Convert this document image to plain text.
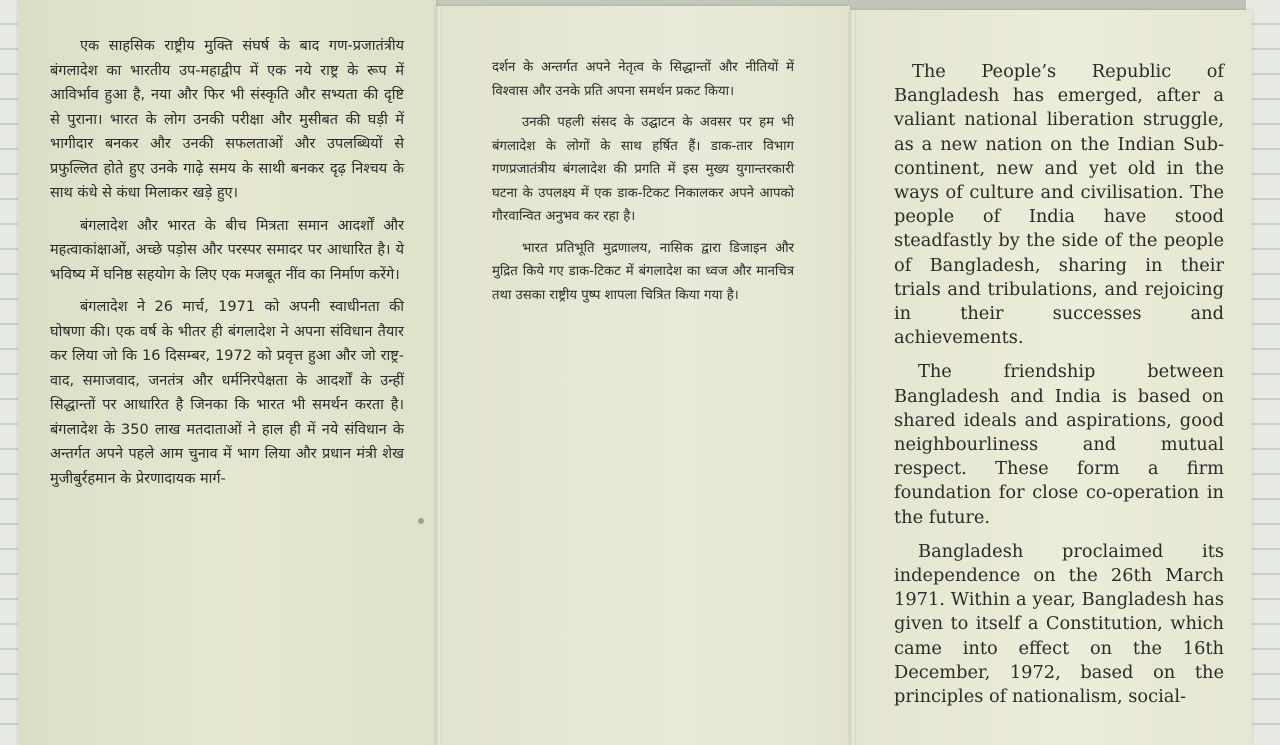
एक साहसिक राष्ट्रीय मुक्ति संघर्ष के बाद गण-प्रजातंत्रीय बंगलादेश का भारतीय उप-महाद्वीप में एक नये राष्ट्र के रूप में आविर्भाव हुआ है, नया और फिर भी संस्कृति और सभ्यता की दृष्टि से पुराना। भारत के लोग उनकी परीक्षा और मुसीबत की घड़ी में भागीदार बनकर और उनकी सफलताओं और उपलब्धियों से प्रफुल्लित होते हुए उनके गाढ़े समय के साथी बनकर दृढ़ निश्चय के साथ कंधे से कंधा मिलाकर खड़े हुए।

बंगलादेश और भारत के बीच मित्रता समान आदर्शों और महत्वाकांक्षाओं, अच्छे पड़ोस और परस्पर समादर पर आधारित है। ये भविष्य में घनिष्ठ सहयोग के लिए एक मजबूत नींव का निर्माण करेंगे।

बंगलादेश ने 26 मार्च, 1971 को अपनी स्वाधीनता की घोषणा की। एक वर्ष के भीतर ही बंगलादेश ने अपना संविधान तैयार कर लिया जो कि 16 दिसम्बर, 1972 को प्रवृत्त हुआ और जो राष्ट्र-वाद, समाजवाद, जनतंत्र और धर्मनिरपेक्षता के आदर्शों के उन्हीं सिद्धान्तों पर आधारित है जिनका कि भारत भी समर्थन करता है। बंगलादेश के 350 लाख मतदाताओं ने हाल ही में नये संविधान के अन्तर्गत अपने पहले आम चुनाव में भाग लिया और प्रधान मंत्री शेख मुजीबुर्रहमान के प्रेरणादायक मार्ग-

दर्शन के अन्तर्गत अपने नेतृत्व के सिद्धान्तों और नीतियों में विश्वास और उनके प्रति अपना समर्थन प्रकट किया।

उनकी पहली संसद के उद्घाटन के अवसर पर हम भी बंगलादेश के लोगों के साथ हर्षित हैं। डाक-तार विभाग गणप्रजातंत्रीय बंगलादेश की प्रगति में इस मुख्य युगान्तरकारी घटना के उपलक्ष्य में एक डाक-टिकट निकालकर अपने आपको गौरवान्वित अनुभव कर रहा है।

भारत प्रतिभूति मुद्रणालय, नासिक द्वारा डिजाइन और मुद्रित किये गए डाक-टिकट में बंगलादेश का ध्वज और मानचित्र तथा उसका राष्ट्रीय पुष्प शापला चित्रित किया गया है।

The People’s Republic of Bangladesh has emerged, after a valiant national liberation struggle, as a new nation on the Indian Sub-continent, new and yet old in the ways of culture and civilisation. The people of India have stood steadfastly by the side of the people of Bangladesh, sharing in their trials and tribulations, and rejoicing in their successes and achievements.

The friendship between Bangladesh and India is based on shared ideals and aspirations, good neighbourliness and mutual respect. These form a firm foundation for close co-operation in the future.

Bangladesh proclaimed its independence on the 26th March 1971. Within a year, Bangladesh has given to itself a Constitution, which came into effect on the 16th December, 1972, based on the principles of nationalism, social-
